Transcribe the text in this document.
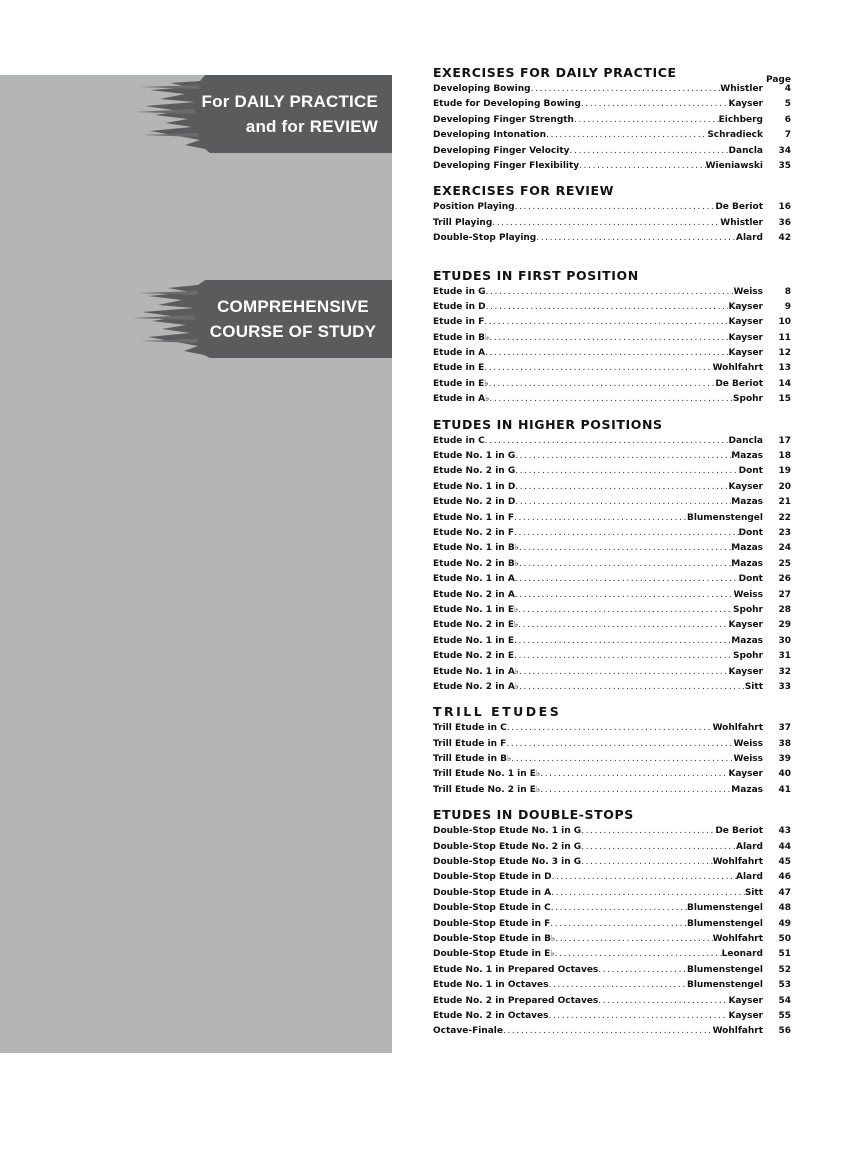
For DAILY PRACTICE
and for REVIEW
COMPREHENSIVE
COURSE OF STUDY
Page
EXERCISES FOR DAILY PRACTICE
Developing Bowing .....	Whistler	4
Etude for Developing Bowing .....	Kayser	5
Developing Finger Strength .....	Eichberg	6
Developing Intonation .....	Schradieck	7
Developing Finger Velocity .....	Dancla	34
Developing Finger Flexibility .....	Wieniawski	35
EXERCISES FOR REVIEW
Position Playing .....	De Beriot	16
Trill Playing .....	Whistler	36
Double-Stop Playing .....	Alard	42
ETUDES IN FIRST POSITION
Etude in G .....	Weiss	8
Etude in D .....	Kayser	9
Etude in F .....	Kayser	10
Etude in B♭ .....	Kayser	11
Etude in A .....	Kayser	12
Etude in E .....	Wohlfahrt	13
Etude in E♭ .....	De Beriot	14
Etude in A♭ .....	Spohr	15
ETUDES IN HIGHER POSITIONS
Etude in C .....	Dancla	17
Etude No. 1 in G .....	Mazas	18
Etude No. 2 in G .....	Dont	19
Etude No. 1 in D .....	Kayser	20
Etude No. 2 in D .....	Mazas	21
Etude No. 1 in F .....	Blumenstengel	22
Etude No. 2 in F .....	Dont	23
Etude No. 1 in B♭ .....	Mazas	24
Etude No. 2 in B♭ .....	Mazas	25
Etude No. 1 in A .....	Dont	26
Etude No. 2 in A .....	Weiss	27
Etude No. 1 in E♭ .....	Spohr	28
Etude No. 2 in E♭ .....	Kayser	29
Etude No. 1 in E .....	Mazas	30
Etude No. 2 in E .....	Spohr	31
Etude No. 1 in A♭ .....	Kayser	32
Etude No. 2 in A♭ .....	Sitt	33
TRILL ETUDES
Trill Etude in C .....	Wohlfahrt	37
Trill Etude in F .....	Weiss	38
Trill Etude in B♭ .....	Weiss	39
Trill Etude No. 1 in E♭ .....	Kayser	40
Trill Etude No. 2 in E♭ .....	Mazas	41
ETUDES IN DOUBLE-STOPS
Double-Stop Etude No. 1 in G .....	De Beriot	43
Double-Stop Etude No. 2 in G .....	Alard	44
Double-Stop Etude No. 3 in G .....	Wohlfahrt	45
Double-Stop Etude in D .....	Alard	46
Double-Stop Etude in A .....	Sitt	47
Double-Stop Etude in C .....	Blumenstengel	48
Double-Stop Etude in F .....	Blumenstengel	49
Double-Stop Etude in B♭ .....	Wohlfahrt	50
Double-Stop Etude in E♭ .....	Leonard	51
Etude No. 1 in Prepared Octaves .....	Blumenstengel	52
Etude No. 1 in Octaves .....	Blumenstengel	53
Etude No. 2 in Prepared Octaves .....	Kayser	54
Etude No. 2 in Octaves .....	Kayser	55
Octave-Finale .....	Wohlfahrt	56
